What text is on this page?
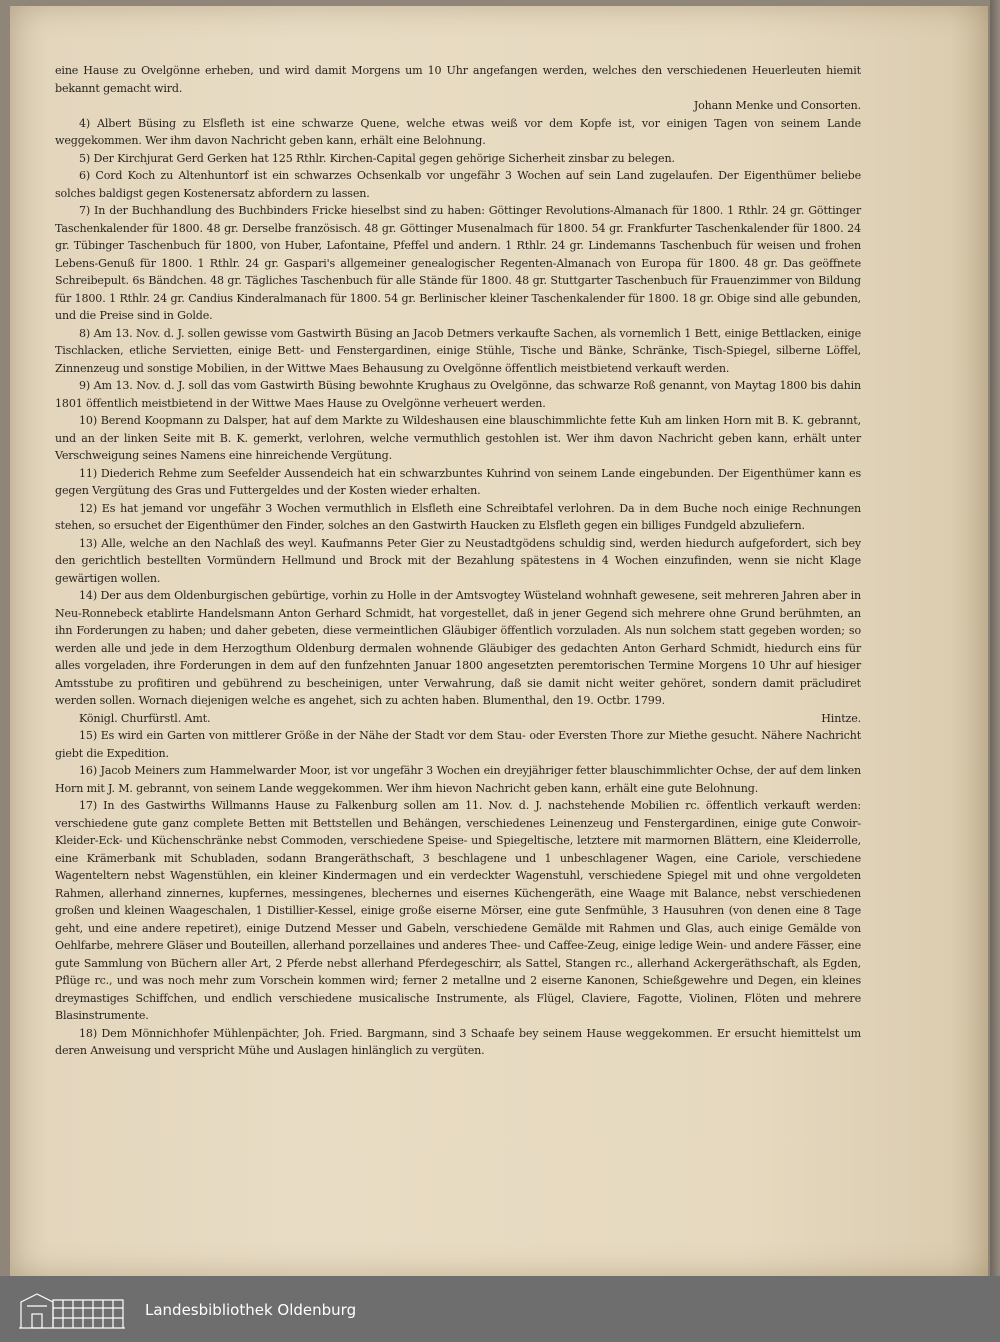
eine Hause zu Ovelgönne erheben, und wird damit Morgens um 10 Uhr angefangen werden, welches den verschiedenen Heuerleuten hiemit bekannt gemacht wird.

Johann Menke und Consorten.

4) Albert Büsing zu Elsfleth ist eine schwarze Quene, welche etwas weiß vor dem Kopfe ist, vor einigen Tagen von seinem Lande weggekommen. Wer ihm davon Nachricht geben kann, erhält eine Belohnung.

5) Der Kirchjurat Gerd Gerken hat 125 Rthlr. Kirchen-Capital gegen gehörige Sicherheit zinsbar zu belegen.

6) Cord Koch zu Altenhuntorf ist ein schwarzes Ochsenkalb vor ungefähr 3 Wochen auf sein Land zugelaufen. Der Eigenthümer beliebe solches baldigst gegen Kostenersatz abfordern zu lassen.

7) In der Buchhandlung des Buchbinders Fricke hieselbst sind zu haben: Göttinger Revolutions-Almanach für 1800. 1 Rthlr. 24 gr. Göttinger Taschenkalender für 1800. 48 gr. Derselbe französisch. 48 gr. Göttinger Musenalmach für 1800. 54 gr. Frankfurter Taschenkalender für 1800. 24 gr. Tübinger Taschenbuch für 1800, von Huber, Lafontaine, Pfeffel und andern. 1 Rthlr. 24 gr. Lindemanns Taschenbuch für weisen und frohen Lebens-Genuß für 1800. 1 Rthlr. 24 gr. Gaspari's allgemeiner genealogischer Regenten-Almanach von Europa für 1800. 48 gr. Das geöffnete Schreibepult. 6s Bändchen. 48 gr. Tägliches Taschenbuch für alle Stände für 1800. 48 gr. Stuttgarter Taschenbuch für Frauenzimmer von Bildung für 1800. 1 Rthlr. 24 gr. Candius Kinderalmanach für 1800. 54 gr. Berlinischer kleiner Taschenkalender für 1800. 18 gr. Obige sind alle gebunden, und die Preise sind in Golde.

8) Am 13. Nov. d. J. sollen gewisse vom Gastwirth Büsing an Jacob Detmers verkaufte Sachen, als vornemlich 1 Bett, einige Bettlacken, einige Tischlacken, etliche Servietten, einige Bett- und Fenstergardinen, einige Stühle, Tische und Bänke, Schränke, Tisch-Spiegel, silberne Löffel, Zinnenzeug und sonstige Mobilien, in der Wittwe Maes Behausung zu Ovelgönne öffentlich meistbietend verkauft werden.

9) Am 13. Nov. d. J. soll das vom Gastwirth Büsing bewohnte Krughaus zu Ovelgönne, das schwarze Roß genannt, von Maytag 1800 bis dahin 1801 öffentlich meistbietend in der Wittwe Maes Hause zu Ovelgönne verheuert werden.

10) Berend Koopmann zu Dalsper, hat auf dem Markte zu Wildeshausen eine blauschimmlichte fette Kuh am linken Horn mit B. K. gebrannt, und an der linken Seite mit B. K. gemerkt, verlohren, welche vermuthlich gestohlen ist. Wer ihm davon Nachricht geben kann, erhält unter Verschweigung seines Namens eine hinreichende Vergütung.

11) Diederich Rehme zum Seefelder Aussendeich hat ein schwarzbuntes Kuhrind von seinem Lande eingebunden. Der Eigenthümer kann es gegen Vergütung des Gras und Futtergeldes und der Kosten wieder erhalten.

12) Es hat jemand vor ungefähr 3 Wochen vermuthlich in Elsfleth eine Schreibtafel verlohren. Da in dem Buche noch einige Rechnungen stehen, so ersuchet der Eigenthümer den Finder, solches an den Gastwirth Haucken zu Elsfleth gegen ein billiges Fundgeld abzuliefern.

13) Alle, welche an den Nachlaß des weyl. Kaufmanns Peter Gier zu Neustadtgödens schuldig sind, werden hiedurch aufgefordert, sich bey den gerichtlich bestellten Vormündern Hellmund und Brock mit der Bezahlung spätestens in 4 Wochen einzufinden, wenn sie nicht Klage gewärtigen wollen.

14) Der aus dem Oldenburgischen gebürtige, vorhin zu Holle in der Amtsvogtey Wüsteland wohnhaft gewesene, seit mehreren Jahren aber in Neu-Ronnebeck etablirte Handelsmann Anton Gerhard Schmidt, hat vorgestellet, daß in jener Gegend sich mehrere ohne Grund berühmten, an ihn Forderungen zu haben; und daher gebeten, diese vermeintlichen Gläubiger öffentlich vorzuladen. Als nun solchem statt gegeben worden; so werden alle und jede in dem Herzogthum Oldenburg dermalen wohnende Gläubiger des gedachten Anton Gerhard Schmidt, hiedurch eins für alles vorgeladen, ihre Forderungen in dem auf den funfzehnten Januar 1800 angesetzten peremtorischen Termine Morgens 10 Uhr auf hiesiger Amtsstube zu profitiren und gebührend zu bescheinigen, unter Verwahrung, daß sie damit nicht weiter gehöret, sondern damit präcludiret werden sollen. Wornach diejenigen welche es angehet, sich zu achten haben. Blumenthal, den 19. Octbr. 1799.

Königl. Churfürstl. Amt.	Hintze.

15) Es wird ein Garten von mittlerer Größe in der Nähe der Stadt vor dem Stau- oder Eversten Thore zur Miethe gesucht. Nähere Nachricht giebt die Expedition.

16) Jacob Meiners zum Hammelwarder Moor, ist vor ungefähr 3 Wochen ein dreyjähriger fetter blauschimmlichter Ochse, der auf dem linken Horn mit J. M. gebrannt, von seinem Lande weggekommen. Wer ihm hievon Nachricht geben kann, erhält eine gute Belohnung.

17) In des Gastwirths Willmanns Hause zu Falkenburg sollen am 11. Nov. d. J. nachstehende Mobilien rc. öffentlich verkauft werden: verschiedene gute ganz complete Betten mit Bettstellen und Behängen, verschiedenes Leinenzeug und Fenstergardinen, einige gute Conwoir-Kleider-Eck- und Küchenschränke nebst Commoden, verschiedene Speise- und Spiegeltische, letztere mit marmornen Blättern, eine Kleiderrolle, eine Krämerbank mit Schubladen, sodann Brangeräthschaft, 3 beschlagene und 1 unbeschlagener Wagen, eine Cariole, verschiedene Wagenteltern nebst Wagenstühlen, ein kleiner Kindermagen und ein verdeckter Wagenstuhl, verschiedene Spiegel mit und ohne vergoldeten Rahmen, allerhand zinnernes, kupfernes, messingenes, blechernes und eisernes Küchengeräth, eine Waage mit Balance, nebst verschiedenen großen und kleinen Waageschalen, 1 Distillier-Kessel, einige große eiserne Mörser, eine gute Senfmühle, 3 Hausuhren (von denen eine 8 Tage geht, und eine andere repetiret), einige Dutzend Messer und Gabeln, verschiedene Gemälde mit Rahmen und Glas, auch einige Gemälde von Oehlfarbe, mehrere Gläser und Bouteillen, allerhand porzellaines und anderes Thee- und Caffee-Zeug, einige ledige Wein- und andere Fässer, eine gute Sammlung von Büchern aller Art, 2 Pferde nebst allerhand Pferdegeschirr, als Sattel, Stangen rc., allerhand Ackergeräthschaft, als Egden, Pflüge rc., und was noch mehr zum Vorschein kommen wird; ferner 2 metallne und 2 eiserne Kanonen, Schießgewehre und Degen, ein kleines dreymastiges Schiffchen, und endlich verschiedene musicalische Instrumente, als Flügel, Claviere, Fagotte, Violinen, Flöten und mehrere Blasinstrumente.

18) Dem Mönnichhofer Mühlenpächter, Joh. Fried. Bargmann, sind 3 Schaafe bey seinem Hause weggekommen. Er ersucht hiemittelst um deren Anweisung und verspricht Mühe und Auslagen hinlänglich zu vergüten.

Landesbibliothek Oldenburg
